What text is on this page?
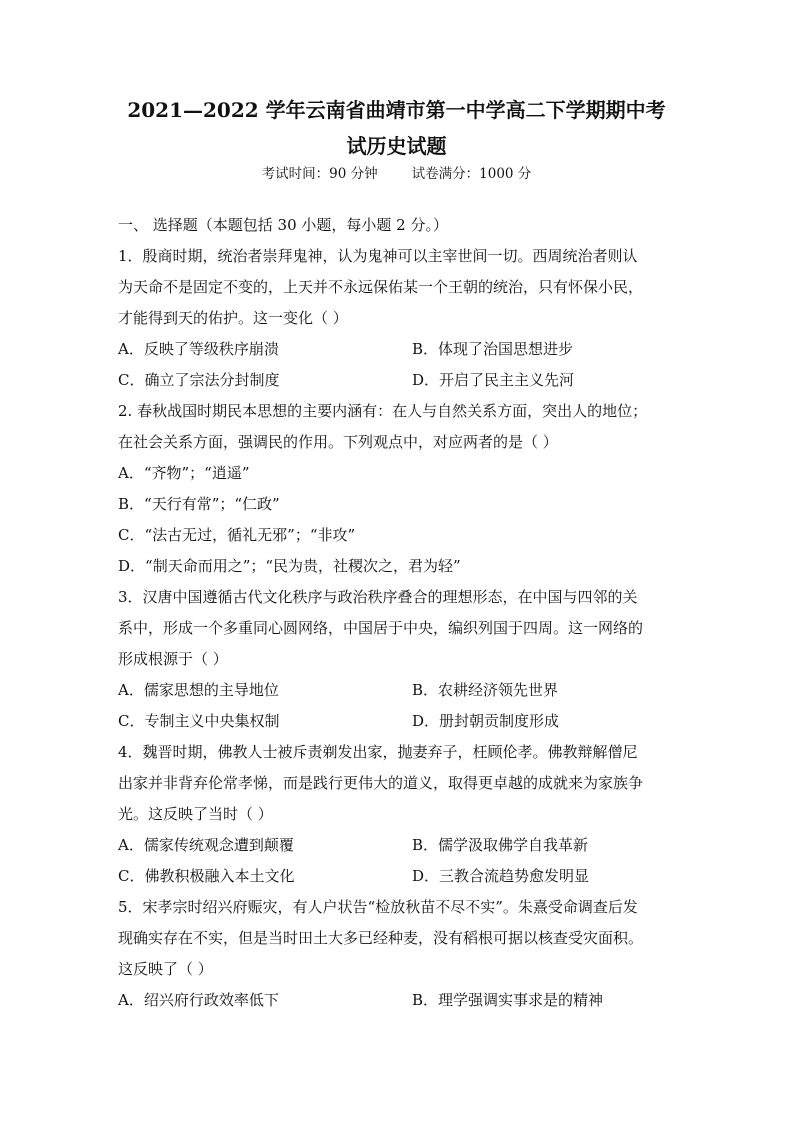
2021—2022 学年云南省曲靖市第一中学高二下学期期中考
试历史试题
考试时间：90 分钟	试卷满分：1000 分
一、 选择题（本题包括 30 小题，每小题 2 分。）
1．殷商时期，统治者崇拜鬼神，认为鬼神可以主宰世间一切。西周统治者则认
为天命不是固定不变的，上天并不永远保佑某一个王朝的统治，只有怀保小民，
才能得到天的佑护。这一变化（ ）
A．反映了等级秩序崩溃	B．体现了治国思想进步
C．确立了宗法分封制度	D．开启了民主主义先河
2. 春秋战国时期民本思想的主要内涵有：在人与自然关系方面，突出人的地位；
在社会关系方面，强调民的作用。下列观点中，对应两者的是（ ）
A．“齐物”；“逍遥”
B．“天行有常”；“仁政”
C．“法古无过，循礼无邪”；“非攻”
D．“制天命而用之”；“民为贵，社稷次之，君为轻”
3．汉唐中国遵循古代文化秩序与政治秩序叠合的理想形态，在中国与四邻的关
系中，形成一个多重同心圆网络，中国居于中央，编织列国于四周。这一网络的
形成根源于（ ）
A．儒家思想的主导地位	B．农耕经济领先世界
C．专制主义中央集权制	D．册封朝贡制度形成
4．魏晋时期，佛教人士被斥责剃发出家，抛妻弃子，枉顾伦孝。佛教辩解僧尼
出家并非背弃伦常孝悌，而是践行更伟大的道义，取得更卓越的成就来为家族争
光。这反映了当时（ ）
A．儒家传统观念遭到颠覆	B．儒学汲取佛学自我革新
C．佛教积极融入本土文化	D．三教合流趋势愈发明显
5．宋孝宗时绍兴府赈灾，有人户状告“检放秋苗不尽不实”。朱熹受命调查后发
现确实存在不实，但是当时田土大多已经种麦，没有稻根可据以核查受灾面积。
这反映了（ ）
A．绍兴府行政效率低下	B．理学强调实事求是的精神
